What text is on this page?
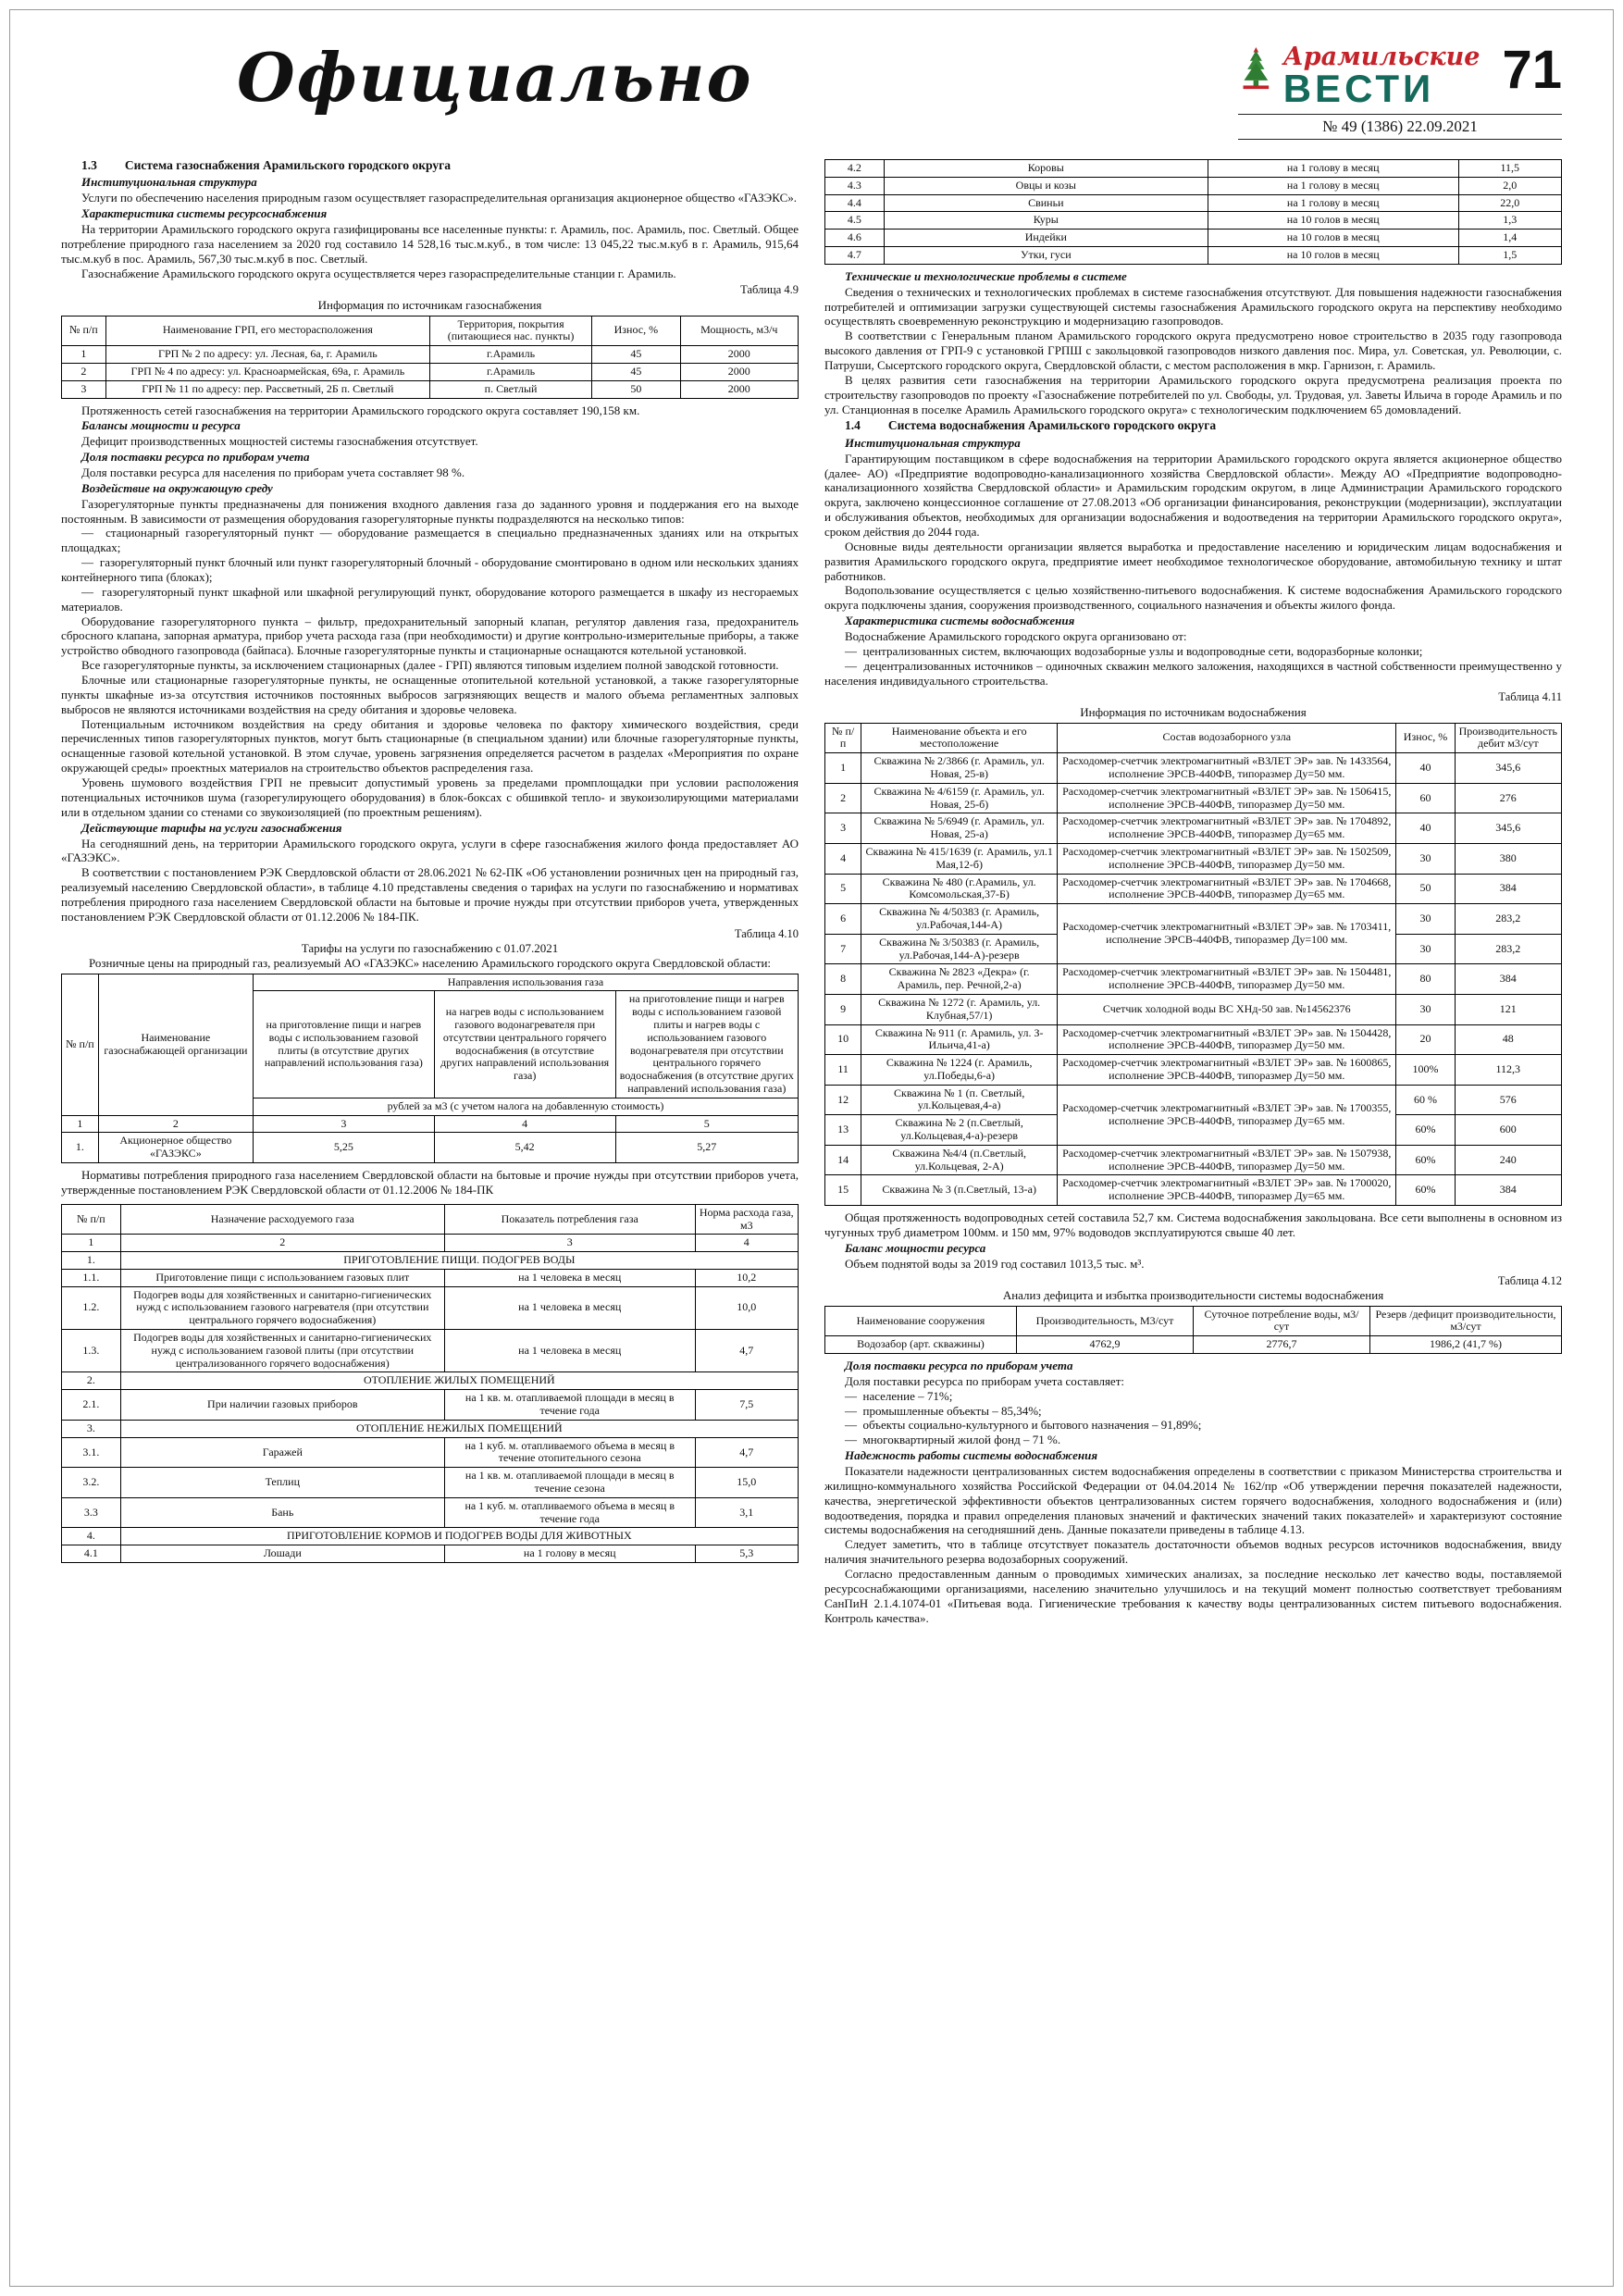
Официально	Арамильские
ВЕСТИ	71
№ 49 (1386) 22.09.2021
1.3 Система газоснабжения Арамильского городского округа

Институциональная структура

Услуги по обеспечению населения природным газом осуществляет газораспределительная организация акционерное общество «ГАЗЭКС».

Характеристика системы ресурсоснабжения

На территории Арамильского городского округа газифицированы все населенные пункты: г. Арамиль, пос. Арамиль, пос. Светлый. Общее потребление природного газа населением за 2020 год составило 14 528,16 тыс.м.куб., в том числе: 13 045,22 тыс.м.куб в г. Арамиль, 915,64 тыс.м.куб в пос. Арамиль, 567,30 тыс.м.куб в пос. Светлый.

Газоснабжение Арамильского городского округа осуществляется через газораспределительные станции г. Арамиль.

Таблица 4.9
Информация по источникам газоснабжения
№ п/п	Наименование ГРП, его месторасположения	Территория, покрытия (питающиеся нас. пункты)	Износ, %	Мощность, м3/ч
1	ГРП № 2 по адресу: ул. Лесная, 6а, г. Арамиль	г.Арамиль	45	2000
2	ГРП № 4 по адресу: ул. Красноармейская, 69а, г. Арамиль	г.Арамиль	45	2000
3	ГРП № 11 по адресу: пер. Рассветный, 2Б п. Светлый	п. Светлый	50	2000

Протяженность сетей газоснабжения на территории Арамильского городского округа составляет 190,158 км.

Балансы мощности и ресурса

Дефицит производственных мощностей системы газоснабжения отсутствует.

Доля поставки ресурса по приборам учета

Доля поставки ресурса для населения по приборам учета составляет 98 %.

Воздействие на окружающую среду

Газорегуляторные пункты предназначены для понижения входного давления газа до заданного уровня и поддержания его на выходе постоянным. В зависимости от размещения оборудования газорегуляторные пункты подразделяются на несколько типов:

— стационарный газорегуляторный пункт — оборудование размещается в специально предназначенных зданиях или на открытых площадках;
— газорегуляторный пункт блочный или пункт газорегуляторный блочный - оборудование смонтировано в одном или нескольких зданиях контейнерного типа (блоках);
— газорегуляторный пункт шкафной или шкафной регулирующий пункт, оборудование которого размещается в шкафу из несгораемых материалов.

Оборудование газорегуляторного пункта – фильтр, предохранительный запорный клапан, регулятор давления газа, предохранитель сбросного клапана, запорная арматура, прибор учета расхода газа (при необходимости) и другие контрольно-измерительные приборы, а также устройство обводного газопровода (байпаса). Блочные газорегуляторные пункты и стационарные оснащаются котельной установкой.

Все газорегуляторные пункты, за исключением стационарных (далее - ГРП) являются типовым изделием полной заводской готовности.

Блочные или стационарные газорегуляторные пункты, не оснащенные отопительной котельной установкой, а также газорегуляторные пункты шкафные из-за отсутствия источников постоянных выбросов загрязняющих веществ и малого объема регламентных залповых выбросов не являются источниками воздействия на среду обитания и здоровье человека.

Потенциальным источником воздействия на среду обитания и здоровье человека по фактору химического воздействия, среди перечисленных типов газорегуляторных пунктов, могут быть стационарные (в специальном здании) или блочные газорегуляторные пункты, оснащенные газовой котельной установкой. В этом случае, уровень загрязнения определяется расчетом в разделах «Мероприятия по охране окружающей среды» проектных материалов на строительство объектов распределения газа.

Уровень шумового воздействия ГРП не превысит допустимый уровень за пределами промплощадки при условии расположения потенциальных источников шума (газорегулирующего оборудования) в блок-боксах с обшивкой тепло- и звукоизолирующими материалами или в отдельном здании со стенами со звукоизоляцией (по проектным решениям).

Действующие тарифы на услуги газоснабжения

На сегодняшний день, на территории Арамильского городского округа, услуги в сфере газоснабжения жилого фонда предоставляет АО «ГАЗЭКС».

В соответствии с постановлением РЭК Свердловской области от 28.06.2021 № 62-ПК «Об установлении розничных цен на природный газ, реализуемый населению Свердловской области», в таблице 4.10 представлены сведения о тарифах на услуги по газоснабжению и нормативах потребления природного газа населением Свердловской области на бытовые и прочие нужды при отсутствии приборов учета, утвержденных постановлением РЭК Свердловской области от 01.12.2006 № 184-ПК.

Таблица 4.10
Тарифы на услуги по газоснабжению с 01.07.2021
Розничные цены на природный газ, реализуемый АО «ГАЗЭКС» населению Арамильского городского округа Свердловской области:
№ п/п	Наименование газоснабжающей организации	Направления использования газа		
		на приготовление пищи и нагрев воды с использованием газовой плиты (в отсутствие других направлений использования газа)	на нагрев воды с использованием газового водонагревателя при отсутствии центрального горячего водоснабжения (в отсутствие других направлений использования газа)	на приготовление пищи и нагрев воды с использованием газовой плиты и нагрев воды с использованием газового водонагревателя при отсутствии центрального горячего водоснабжения (в отсутствие других направлений использования газа)
		рублей за м3 (с учетом налога на добавленную стоимость)		
1	2	3	4	5
1.	Акционерное общество «ГАЗЭКС»	5,25	5,42	5,27

Нормативы потребления природного газа населением Свердловской области на бытовые и прочие нужды при отсутствии приборов учета, утвержденные постановлением РЭК Свердловской области от 01.12.2006 № 184-ПК

№ п/п	Назначение расходуемого газа	Показатель потребления газа	Норма расхода газа, м3
1	2	3	4
1.	ПРИГОТОВЛЕНИЕ ПИЩИ. ПОДОГРЕВ ВОДЫ		
1.1.	Приготовление пищи с использованием газовых плит	на 1 человека в месяц	10,2
1.2.	Подогрев воды для хозяйственных и санитарно-гигиенических нужд с использованием газового нагревателя (при отсутствии центрального горячего водоснабжения)	на 1 человека в месяц	10,0
1.3.	Подогрев воды для хозяйственных и санитарно-гигиенических нужд с использованием газовой плиты (при отсутствии централизованного горячего водоснабжения)	на 1 человека в месяц	4,7
2.	ОТОПЛЕНИЕ ЖИЛЫХ ПОМЕЩЕНИЙ		
2.1.	При наличии газовых приборов	на 1 кв. м. отапливаемой площади в месяц в течение года	7,5
3.	ОТОПЛЕНИЕ НЕЖИЛЫХ ПОМЕЩЕНИЙ		
3.1.	Гаражей	на 1 куб. м. отапливаемого объема в месяц в течение отопительного сезона	4,7
3.2.	Теплиц	на 1 кв. м. отапливаемой площади в месяц в течение сезона	15,0
3.3	Бань	на 1 куб. м. отапливаемого объема в месяц в течение года	3,1
4.	ПРИГОТОВЛЕНИЕ КОРМОВ И ПОДОГРЕВ ВОДЫ ДЛЯ ЖИВОТНЫХ		
4.1	Лошади	на 1 голову в месяц	5,3
4.2	Коровы	на 1 голову в месяц	11,5
4.3	Овцы и козы	на 1 голову в месяц	2,0
4.4	Свиньи	на 1 голову в месяц	22,0
4.5	Куры	на 10 голов в месяц	1,3
4.6	Индейки	на 10 голов в месяц	1,4
4.7	Утки, гуси	на 10 голов в месяц	1,5

Технические и технологические проблемы в системе

Сведения о технических и технологических проблемах в системе газоснабжения отсутствуют. Для повышения надежности газоснабжения потребителей и оптимизации загрузки существующей системы газоснабжения Арамильского городского округа на перспективу необходимо осуществлять своевременную реконструкцию и модернизацию газопроводов.

В соответствии с Генеральным планом Арамильского городского округа предусмотрено новое строительство в 2035 году газопровода высокого давления от ГРП-9 с установкой ГРПШ с закольцовкой газопроводов низкого давления пос. Мира, ул. Советская, ул. Революции, с. Патруши, Сысертского городского округа, Свердловской области, с местом расположения в мкр. Гарнизон, г. Арамиль.

В целях развития сети газоснабжения на территории Арамильского городского округа предусмотрена реализация проекта по строительству газопроводов по проекту «Газоснабжение потребителей по ул. Свободы, ул. Трудовая, ул. Заветы Ильича в городе Арамиль и по ул. Станционная в поселке Арамиль Арамильского городского округа» с технологическим подключением 65 домовладений.

1.4 Система водоснабжения Арамильского городского округа

Институциональная структура

Гарантирующим поставщиком в сфере водоснабжения на территории Арамильского городского округа является акционерное общество (далее- АО) «Предприятие водопроводно-канализационного хозяйства Свердловской области». Между АО «Предприятие водопроводно-канализационного хозяйства Свердловской области» и Арамильским городским округом, в лице Администрации Арамильского городского округа, заключено концессионное соглашение от 27.08.2013 «Об организации финансирования, реконструкции (модернизации), эксплуатации и обслуживания объектов, необходимых для организации водоснабжения и водоотведения на территории Арамильского городского округа», сроком действия до 2044 года.

Основные виды деятельности организации является выработка и предоставление населению и юридическим лицам водоснабжения и развития Арамильского городского округа, предприятие имеет необходимое технологическое оборудование, автомобильную технику и штат работников.

Водопользование осуществляется с целью хозяйственно-питьевого водоснабжения. К системе водоснабжения Арамильского городского округа подключены здания, сооружения производственного, социального назначения и объекты жилого фонда.

Характеристика системы водоснабжения

Водоснабжение Арамильского городского округа организовано от:

— централизованных систем, включающих водозаборные узлы и водопроводные сети, водоразборные колонки;
— децентрализованных источников – одиночных скважин мелкого заложения, находящихся в частной собственности преимущественно у населения индивидуального строительства.
Таблица 4.11
Информация по источникам водоснабжения
№ п/п	Наименование объекта и его местоположение	Состав водозаборного узла	Износ, %	Производительность дебит м3/сут
1	Скважина № 2/3866 (г. Арамиль, ул. Новая, 25-в)	Расходомер-счетчик электромагнитный «ВЗЛЕТ ЭР» зав. № 1433564, исполнение ЭРСВ-440ФВ, типоразмер Ду=50 мм.	40	345,6
2	Скважина № 4/6159 (г. Арамиль, ул. Новая, 25-б)	Расходомер-счетчик электромагнитный «ВЗЛЕТ ЭР» зав. № 1506415, исполнение ЭРСВ-440ФВ, типоразмер Ду=50 мм.	60	276
3	Скважина № 5/6949 (г. Арамиль, ул. Новая, 25-а)	Расходомер-счетчик электромагнитный «ВЗЛЕТ ЭР» зав. № 1704892, исполнение ЭРСВ-440ФВ, типоразмер Ду=65 мм.	40	345,6
4	Скважина № 415/1639 (г. Арамиль, ул.1 Мая,12-б)	Расходомер-счетчик электромагнитный «ВЗЛЕТ ЭР» зав. № 1502509, исполнение ЭРСВ-440ФВ, типоразмер Ду=50 мм.	30	380
5	Скважина № 480 (г.Арамиль, ул. Комсомольская,37-Б)	Расходомер-счетчик электромагнитный «ВЗЛЕТ ЭР» зав. № 1704668, исполнение ЭРСВ-440ФВ, типоразмер Ду=65 мм.	50	384
6	Скважина № 4/50383 (г. Арамиль, ул.Рабочая,144-А)	Расходомер-счетчик электромагнитный «ВЗЛЕТ ЭР» зав. № 1703411, исполнение ЭРСВ-440ФВ, типоразмер Ду=100 мм.	30	283,2
7	Скважина № 3/50383 (г. Арамиль, ул.Рабочая,144-А)-резерв		30	283,2
8	Скважина № 2823 «Декра» (г. Арамиль, пер. Речной,2-а)	Расходомер-счетчик электромагнитный «ВЗЛЕТ ЭР» зав. № 1504481, исполнение ЭРСВ-440ФВ, типоразмер Ду=50 мм.	80	384
9	Скважина № 1272 (г. Арамиль, ул. Клубная,57/1)	Счетчик холодной воды ВС ХНд-50 зав. №14562376	30	121
10	Скважина № 911 (г. Арамиль, ул. З-Ильича,41-а)	Расходомер-счетчик электромагнитный «ВЗЛЕТ ЭР» зав. № 1504428, исполнение ЭРСВ-440ФВ, типоразмер Ду=50 мм.	20	48
11	Скважина № 1224 (г. Арамиль, ул.Победы,6-а)	Расходомер-счетчик электромагнитный «ВЗЛЕТ ЭР» зав. № 1600865, исполнение ЭРСВ-440ФВ, типоразмер Ду=50 мм.	100%	112,3
12	Скважина № 1 (п. Светлый, ул.Кольцевая,4-а)	Расходомер-счетчик электромагнитный «ВЗЛЕТ ЭР» зав. № 1700355, исполнение ЭРСВ-440ФВ, типоразмер Ду=65 мм.	60 %	576
13	Скважина № 2 (п.Светлый, ул.Кольцевая,4-а)-резерв		60%	600
14	Скважина №4/4 (п.Светлый, ул.Кольцевая, 2-А)	Расходомер-счетчик электромагнитный «ВЗЛЕТ ЭР» зав. № 1507938, исполнение ЭРСВ-440ФВ, типоразмер Ду=50 мм.	60%	240
15	Скважина № 3 (п.Светлый, 13-а)	Расходомер-счетчик электромагнитный «ВЗЛЕТ ЭР» зав. № 1700020, исполнение ЭРСВ-440ФВ, типоразмер Ду=65 мм.	60%	384

Общая протяженность водопроводных сетей составила 52,7 км. Система водоснабжения закольцована. Все сети выполнены в основном из чугунных труб диаметром 100мм. и 150 мм, 97% водоводов эксплуатируются свыше 40 лет.

Баланс мощности ресурса

Объем поднятой воды за 2019 год составил 1013,5 тыс. м³.

Таблица 4.12
Анализ дефицита и избытка производительности системы водоснабжения
Наименование сооружения	Производительность, М3/сут	Суточное потребление воды, м3/сут	Резерв /дефицит производительности, м3/сут
Водозабор (арт. скважины)	4762,9	2776,7	1986,2 (41,7 %)

Доля поставки ресурса по приборам учета

Доля поставки ресурса по приборам учета составляет:

— население – 71%;
— промышленные объекты – 85,34%;
— объекты социально-культурного и бытового назначения – 91,89%;
— многоквартирный жилой фонд – 71 %.

Надежность работы системы водоснабжения

Показатели надежности централизованных систем водоснабжения определены в соответствии с приказом Министерства строительства и жилищно-коммунального хозяйства Российской Федерации от 04.04.2014 № 162/пр «Об утверждении перечня показателей надежности, качества, энергетической эффективности объектов централизованных систем горячего водоснабжения, холодного водоснабжения и (или) водоотведения, порядка и правил определения плановых значений и фактических значений таких показателей» и характеризуют состояние системы водоснабжения на сегодняшний день. Данные показатели приведены в таблице 4.13.

Следует заметить, что в таблице отсутствует показатель достаточности объемов водных ресурсов источников водоснабжения, ввиду наличия значительного резерва водозаборных сооружений.

Согласно предоставленным данным о проводимых химических анализах, за последние несколько лет качество воды, поставляемой ресурсоснабжающими организациями, населению значительно улучшилось и на текущий момент полностью соответствует требованиям СанПиН 2.1.4.1074-01 «Питьевая вода. Гигиенические требования к качеству воды централизованных систем питьевого водоснабжения. Контроль качества».
